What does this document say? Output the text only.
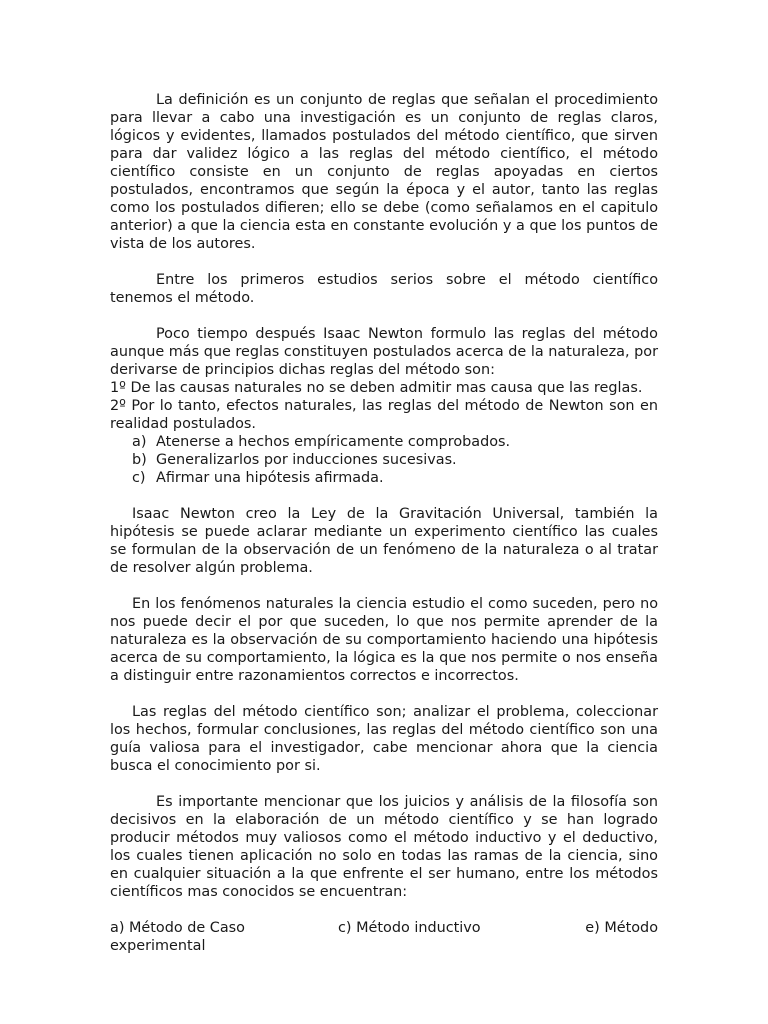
La definición es un conjunto de reglas que señalan el procedimiento para llevar a cabo una investigación es un conjunto de reglas claros, lógicos y evidentes, llamados postulados del método científico, que sirven para dar validez lógico a las reglas del método científico, el método científico consiste en un conjunto de reglas apoyadas en ciertos postulados, encontramos que según la época y el autor, tanto las reglas como los postulados difieren; ello se debe (como señalamos en el capitulo anterior) a que la ciencia esta en constante evolución y a que los puntos de vista de los autores.

Entre los primeros estudios serios sobre el método científico tenemos el método.

Poco tiempo después Isaac Newton formulo las reglas del método aunque más que reglas constituyen postulados acerca de la naturaleza, por derivarse de principios dichas reglas del método son:

1º De las causas naturales no se deben admitir mas causa que las reglas.

2º Por lo tanto, efectos naturales, las reglas del método de Newton son en realidad postulados.

a) Atenerse a hechos empíricamente comprobados.
b) Generalizarlos por inducciones sucesivas.
c) Afirmar una hipótesis afirmada.

Isaac Newton creo la Ley de la Gravitación Universal, también la hipótesis se puede aclarar mediante un experimento científico las cuales se formulan de la observación de un fenómeno de la naturaleza o al tratar de resolver algún problema.

En los fenómenos naturales la ciencia estudio el como suceden, pero no nos puede decir el por que suceden, lo que nos permite aprender de la naturaleza es la observación de su comportamiento haciendo una hipótesis acerca de su comportamiento, la lógica es la que nos permite o nos enseña a distinguir entre razonamientos correctos e incorrectos.

Las reglas del método científico son; analizar el problema, coleccionar los hechos, formular conclusiones, las reglas del método científico son una guía valiosa para el investigador, cabe mencionar ahora que la ciencia busca el conocimiento por si.

Es importante mencionar que los juicios y análisis de la filosofía son decisivos en la elaboración de un método científico y se han logrado producir métodos muy valiosos como el método inductivo y el deductivo, los cuales tienen aplicación no solo en todas las ramas de la ciencia, sino en cualquier situación a la que enfrente el ser humano, entre los métodos científicos mas conocidos se encuentran:

a) Método de Caso	c) Método inductivo	e) Método

experimental
